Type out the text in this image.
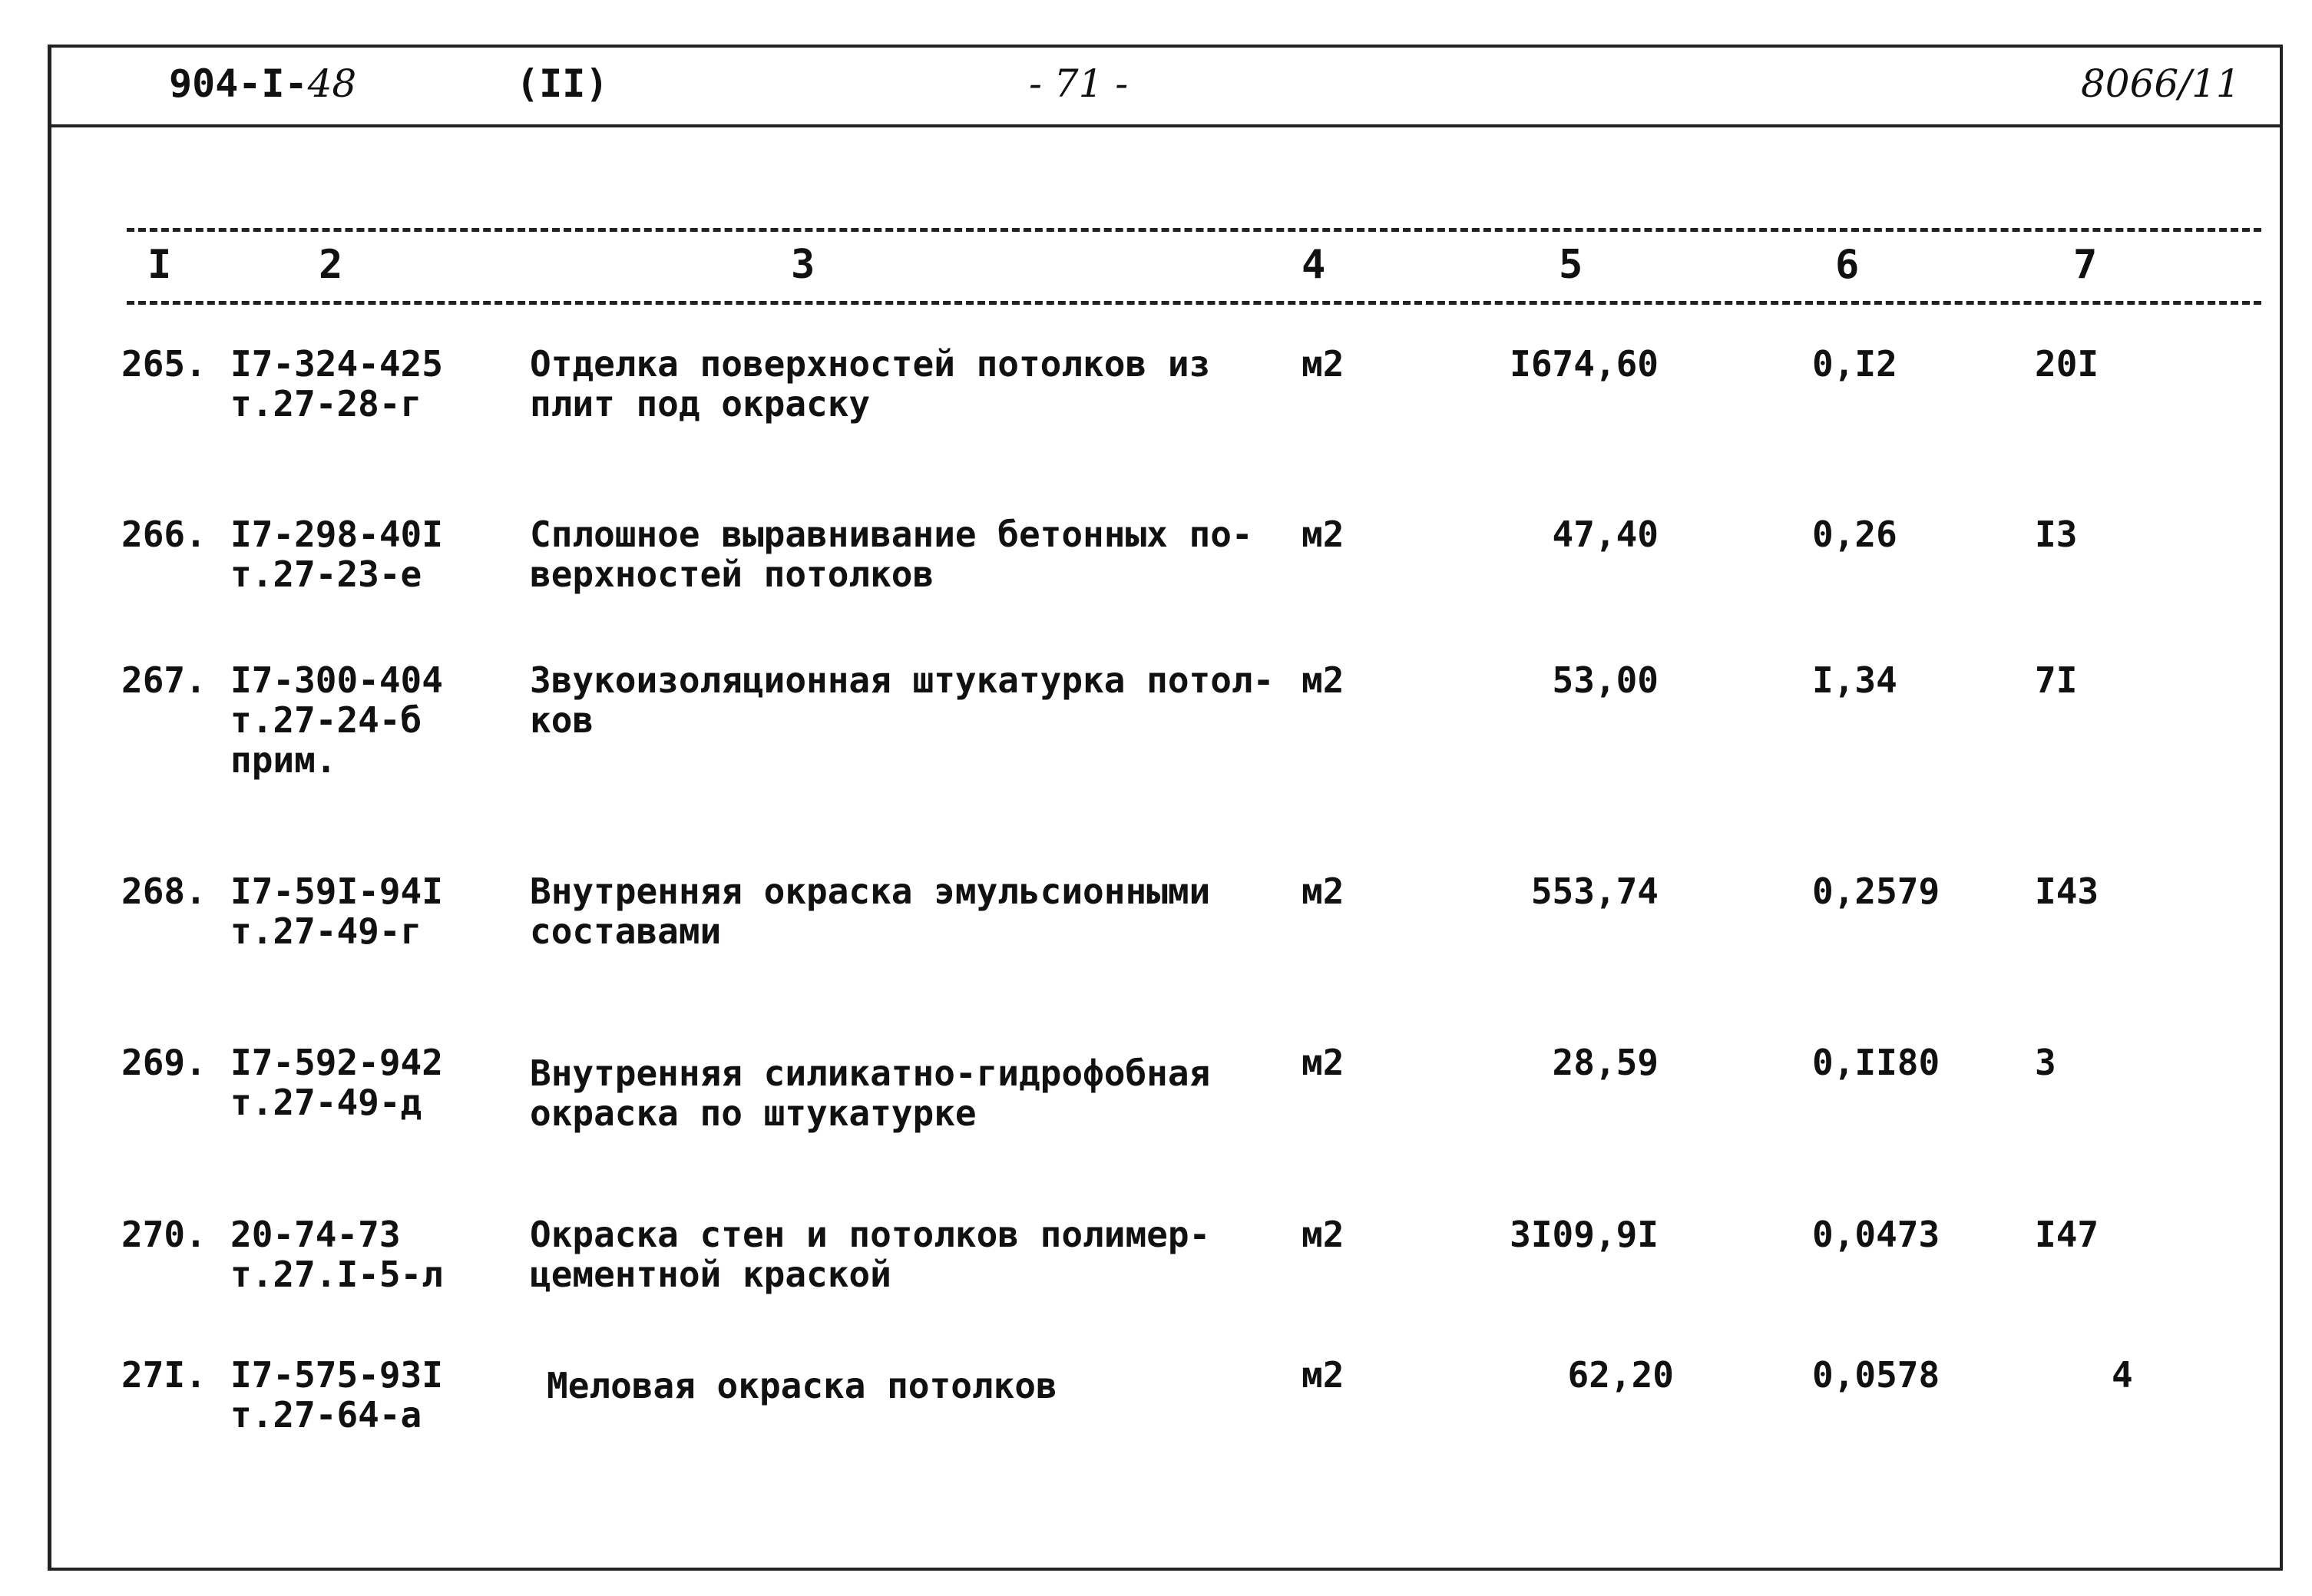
904-I-48	(II)	- 71 -	8066/11
I	2	3	4	5	6	7
265. I7-324-425
т.27-28-г
Отделка поверхностей потолков из
плит под окраску
м2	I674,60	0,I2	20I
266. I7-298-40I
т.27-23-е
Сплошное выравнивание бетонных по-
верхностей потолков
м2	47,40	0,26	I3
267. I7-300-404
т.27-24-б
прим.
Звукоизоляционная штукатурка потол-
ков
м2	53,00	I,34	7I
268. I7-59I-94I
т.27-49-г
Внутренняя окраска эмульсионными
составами
м2	553,74	0,2579	I43
269. I7-592-942
т.27-49-д
Внутренняя силикатно-гидрофобная
окраска по штукатурке
м2	28,59	0,II80	3
270. 20-74-73
т.27.I-5-л
Окраска стен и потолков полимер-
цементной краской
м2	3I09,9I	0,0473	I47
27I. I7-575-93I
т.27-64-а
Меловая окраска потолков	м2	62,20	0,0578	4
